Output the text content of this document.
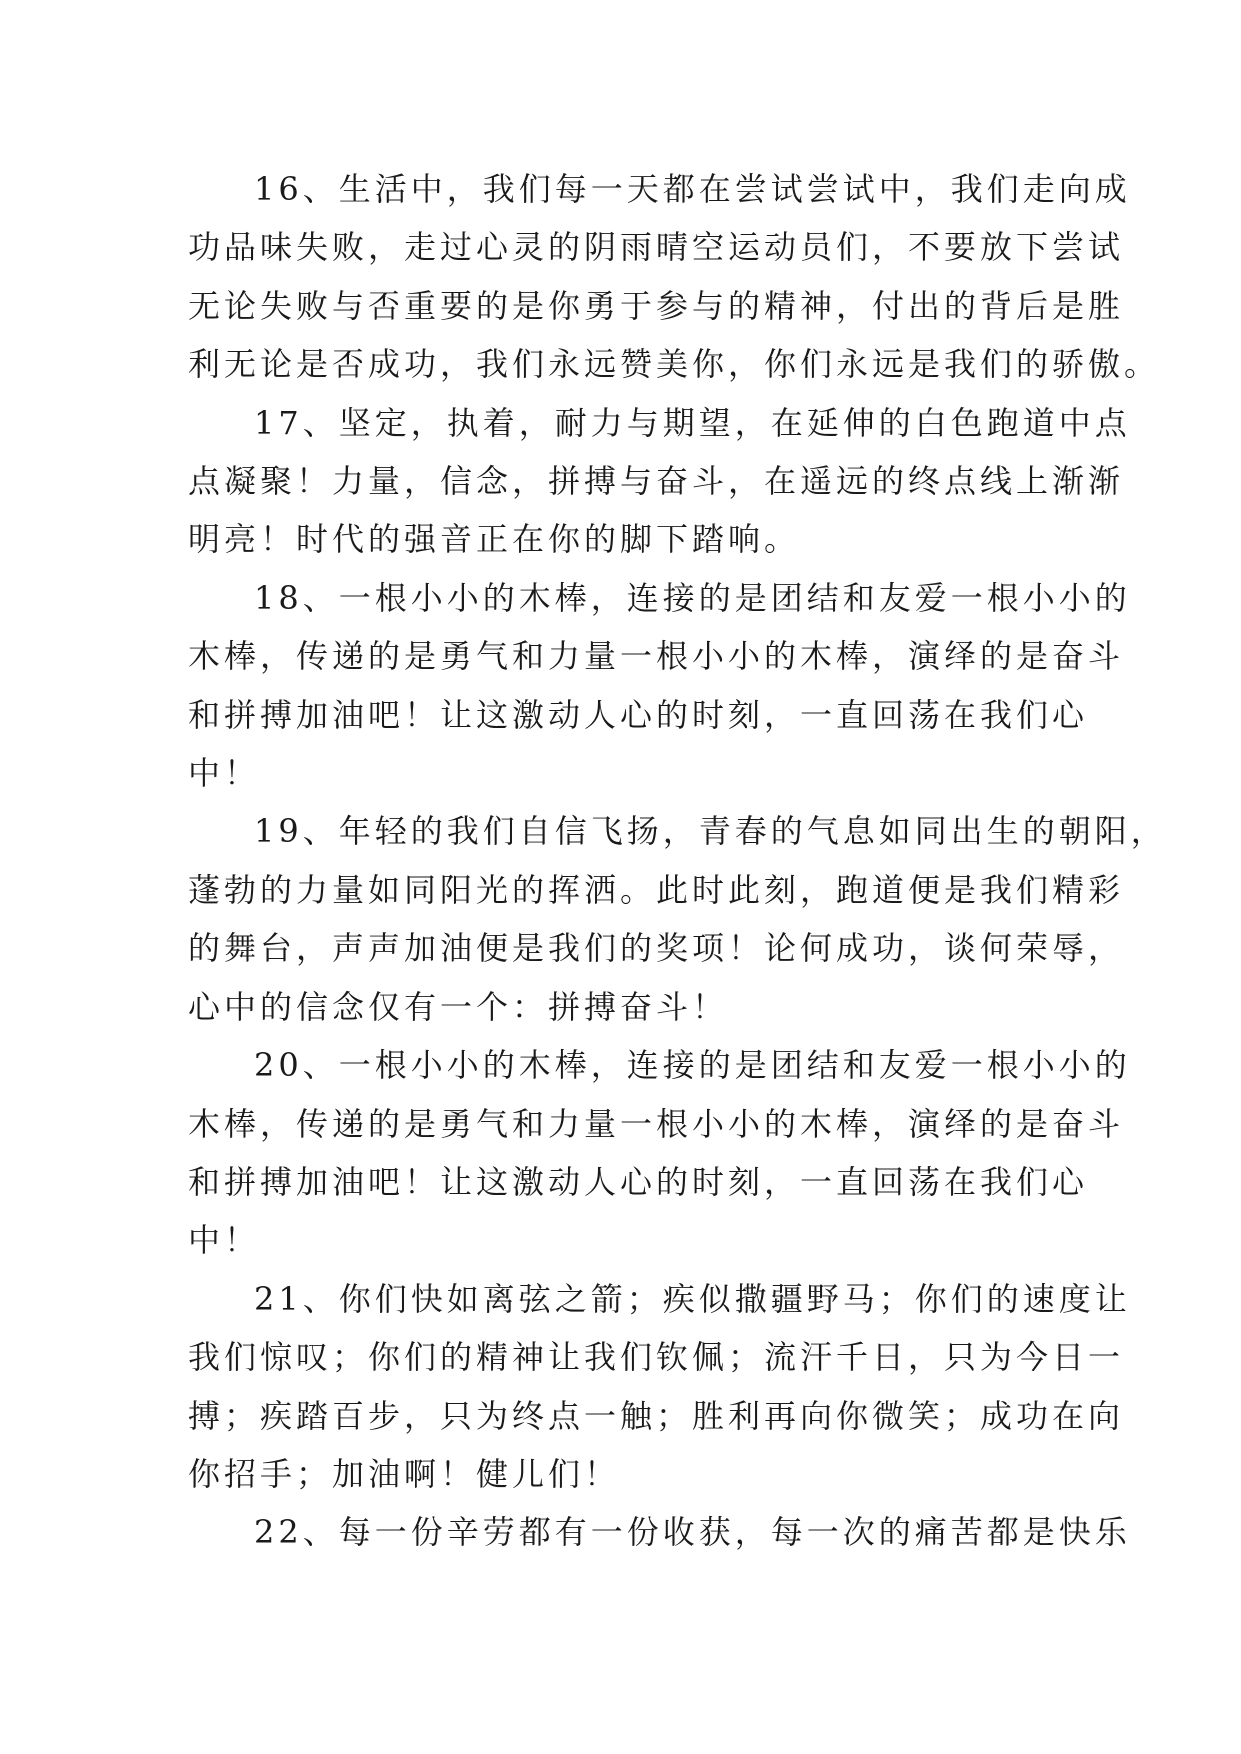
16、生活中，我们每一天都在尝试尝试中，我们走向成
功品味失败，走过心灵的阴雨晴空运动员们，不要放下尝试
无论失败与否重要的是你勇于参与的精神，付出的背后是胜
利无论是否成功，我们永远赞美你，你们永远是我们的骄傲。
17、坚定，执着，耐力与期望，在延伸的白色跑道中点
点凝聚！力量，信念，拼搏与奋斗，在遥远的终点线上渐渐
明亮！时代的强音正在你的脚下踏响。
18、一根小小的木棒，连接的是团结和友爱一根小小的
木棒，传递的是勇气和力量一根小小的木棒，演绎的是奋斗
和拼搏加油吧！让这激动人心的时刻，一直回荡在我们心
中！
19、年轻的我们自信飞扬，青春的气息如同出生的朝阳，
蓬勃的力量如同阳光的挥洒。此时此刻，跑道便是我们精彩
的舞台，声声加油便是我们的奖项！论何成功，谈何荣辱，
心中的信念仅有一个：拼搏奋斗！
20、一根小小的木棒，连接的是团结和友爱一根小小的
木棒，传递的是勇气和力量一根小小的木棒，演绎的是奋斗
和拼搏加油吧！让这激动人心的时刻，一直回荡在我们心
中！
21、你们快如离弦之箭；疾似撒疆野马；你们的速度让
我们惊叹；你们的精神让我们钦佩；流汗千日，只为今日一
搏；疾踏百步，只为终点一触；胜利再向你微笑；成功在向
你招手；加油啊！健儿们！
22、每一份辛劳都有一份收获，每一次的痛苦都是快乐
